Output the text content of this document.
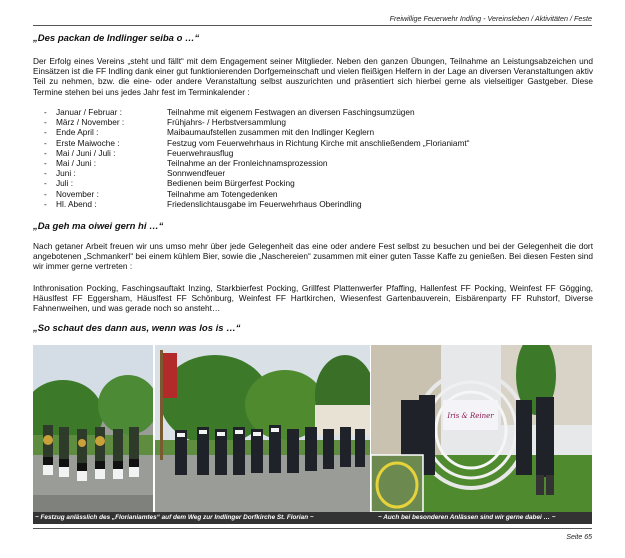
Freiwillige Feuerwehr Indling - Vereinsleben / Aktivitäten / Feste
„Des packan de Indlinger seiba o …“
Der Erfolg eines Vereins „steht und fällt“ mit dem Engagement seiner Mitglieder. Neben den ganzen Übungen, Teilnahme an Leistungsabzeichen und Einsätzen ist die FF Indling dank einer gut funktionierenden Dorfgemeinschaft und vielen fleißigen Helfern in der Lage an diversen Veranstaltungen aktiv Teil zu nehmen, bzw. die eine- oder andere Veranstaltung selbst auszurichten und präsentiert sich hierbei gerne als vielseitiger Gastgeber. Diese Termine stehen bei uns jedes Jahr fest im Terminkalender :
-	Januar / Februar :	Teilnahme mit eigenem Festwagen an diversen Faschingsumzügen
-	März / November :	Frühjahrs- / Herbstversammlung
-	Ende April :	Maibaumaufstellen zusammen mit den Indlinger Keglern
-	Erste Maiwoche :	Festzug vom Feuerwehrhaus in Richtung Kirche mit anschließendem „Florianiamt“
-	Mai / Juni / Juli :	Feuerwehrausflug
-	Mai / Juni :	Teilnahme an der Fronleichnamsprozession
-	Juni :	Sonnwendfeuer
-	Juli :	Bedienen beim Bürgerfest Pocking
-	November :	Teilnahme am Totengedenken
-	Hl. Abend :	Friedenslichtausgabe im Feuerwehrhaus Oberindling
„Da geh ma oiwei gern hi …“
Nach getaner Arbeit freuen wir uns umso mehr über jede Gelegenheit das eine oder andere Fest selbst zu besuchen und bei der Gelegenheit die dort angebotenen „Schmankerl“ bei einem kühlem Bier, sowie die „Naschereien“ zusammen mit einer guten Tasse Kaffe zu genießen. Bei diesen Festen sind wir immer gerne vertreten :
Inthronisation Pocking, Faschingsauftakt Inzing, Starkbierfest Pocking, Grillfest Plattenwerfer Pfaffing, Hallenfest FF Pocking, Weinfest FF Gögging, Häuslfest FF Eggersham, Häuslfest FF Schönburg, Weinfest FF Hartkirchen, Wiesenfest Gartenbauverein, Eisbärenparty FF Ruhstorf, Diverse Fahnenweihen, und was gerade noch so ansteht…
„So schaut des dann aus, wenn was los is …“
Iris & Reiner
~ Festzug anlässlich des „Florianiamtes“ auf dem Weg zur Indlinger Dorfkirche St. Florian ~	~ Auch bei besonderen Anlässen sind wir gerne dabei … ~
Seite 65
